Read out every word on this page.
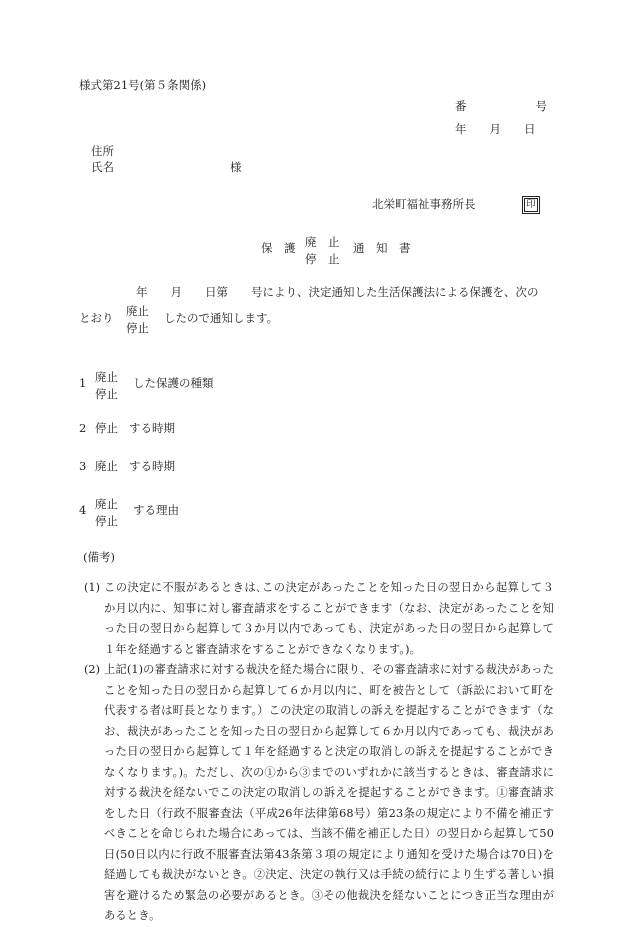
様式第21号(第５条関係)
番　　　　　　号
年　　月　　日
住所
氏名	様
北栄町福祉事務所長	印
保　護 廃　止
停　止
通　知　書
年　　月　　日第　　号により、決定通知した生活保護法による保護を、次の
とおり 廃止
停止
したので通知します。
1 廃止
停止
した保護の種類
2 停止 する時期
3 廃止 する時期
4 廃止
停止
する理由
(備考)
(1) この決定に不服があるときは､この決定があったことを知った日の翌日から起算して３か月以内に、知事に対し審査請求をすることができます（なお、決定があったことを知った日の翌日から起算して３か月以内であっても、決定があった日の翌日から起算して１年を経過すると審査請求をすることができなくなります。)。
(2) 上記(1)の審査請求に対する裁決を経た場合に限り、その審査請求に対する裁決があったことを知った日の翌日から起算して６か月以内に、町を被告として（訴訟において町を代表する者は町長となります。）この決定の取消しの訴えを提起することができます（なお、裁決があったことを知った日の翌日から起算して６か月以内であっても、裁決があった日の翌日から起算して１年を経過すると決定の取消しの訴えを提起することができなくなります。)。ただし、次の①から③までのいずれかに該当するときは、審査請求に対する裁決を経ないでこの決定の取消しの訴えを提起することができます。①審査請求をした日（行政不服審査法（平成26年法律第68号）第23条の規定により不備を補正すべきことを命じられた場合にあっては、当該不備を補正した日）の翌日から起算して50日(50日以内に行政不服審査法第43条第３項の規定により通知を受けた場合は70日)を経過しても裁決がないとき。②決定、決定の執行又は手続の続行により生ずる著しい損害を避けるため緊急の必要があるとき。③その他裁決を経ないことにつき正当な理由があるとき。
